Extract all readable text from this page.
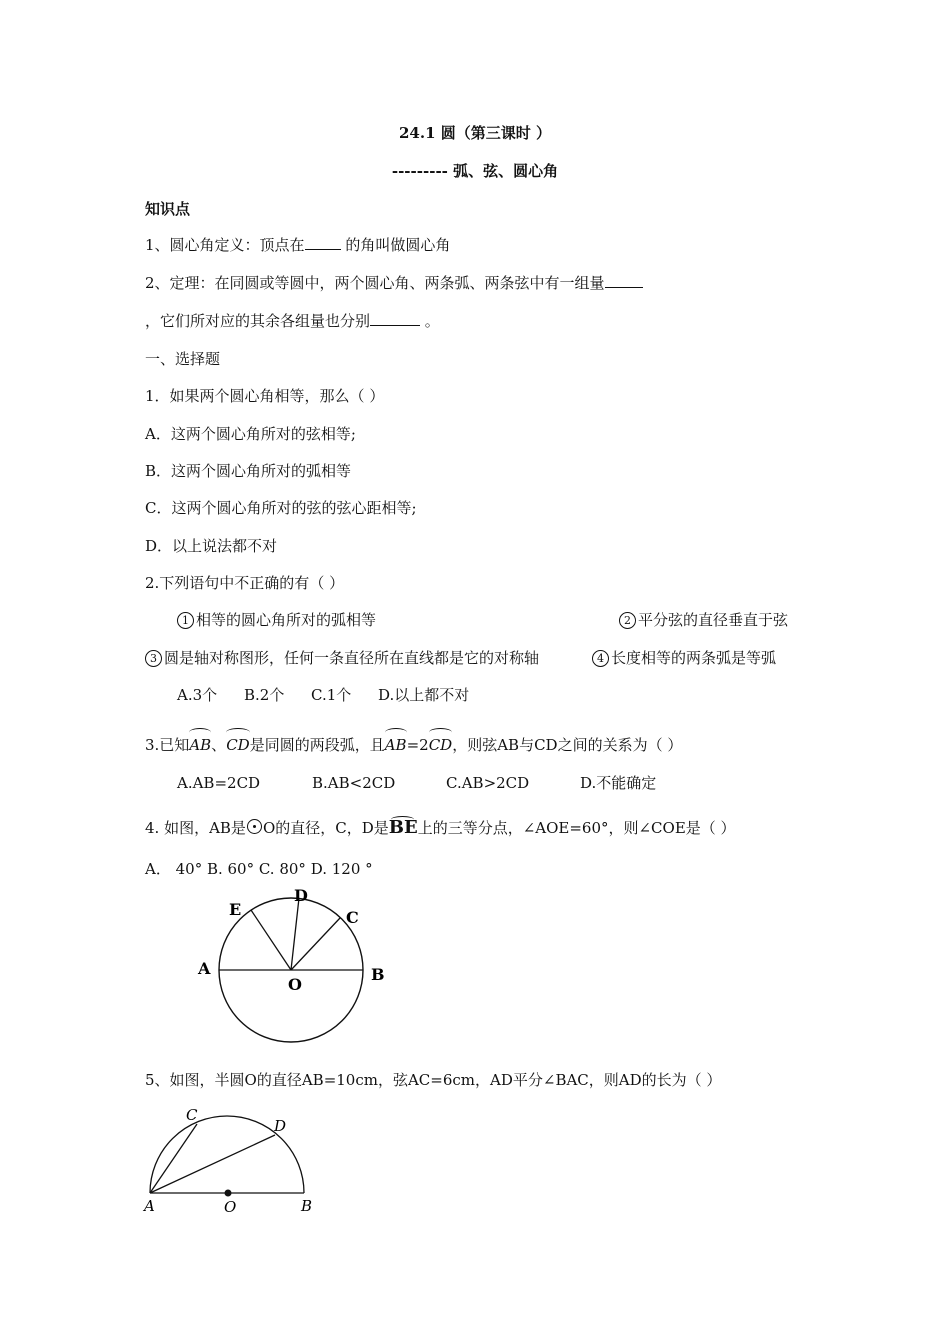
24.1 圆（第三课时 ）
--------- 弧、弦、圆心角
知识点
1、圆心角定义：顶点在 的角叫做圆心角
2、定理：在同圆或等圆中，两个圆心角、两条弧、两条弦中有一组量
，它们所对应的其余各组量也分别	。
一、选择题
1．如果两个圆心角相等，那么（ ）
A．这两个圆心角所对的弦相等;
B．这两个圆心角所对的弧相等
C．这两个圆心角所对的弦的弦心距相等;
D．以上说法都不对
2.下列语句中不正确的有（ ）
1 相等的圆心角所对的弧相等	2 平分弦的直径垂直于弦
3 圆是轴对称图形，任何一条直径所在直线都是它的对称轴	4 长度相等的两条弧是等弧
A.3个 B.2个 C.1个 D.以上都不对
3.已知AB、CD是同圆的两段弧，且AB=2CD，则弦AB与CD之间的关系为（ ）
A.AB=2CD	B.AB<2CD	C.AB>2CD	D.不能确定
4. 如图，AB是 O的直径，C，D是BE上的三等分点，∠AOE=60°，则∠COE是（ ）
A． 40° B. 60° C. 80° D. 120 °
E
D
C
A	B
O
5、如图，半圆O的直径AB=10cm，弦AC=6cm，AD平分∠BAC，则AD的长为（ ）
C
D
A	O	B
